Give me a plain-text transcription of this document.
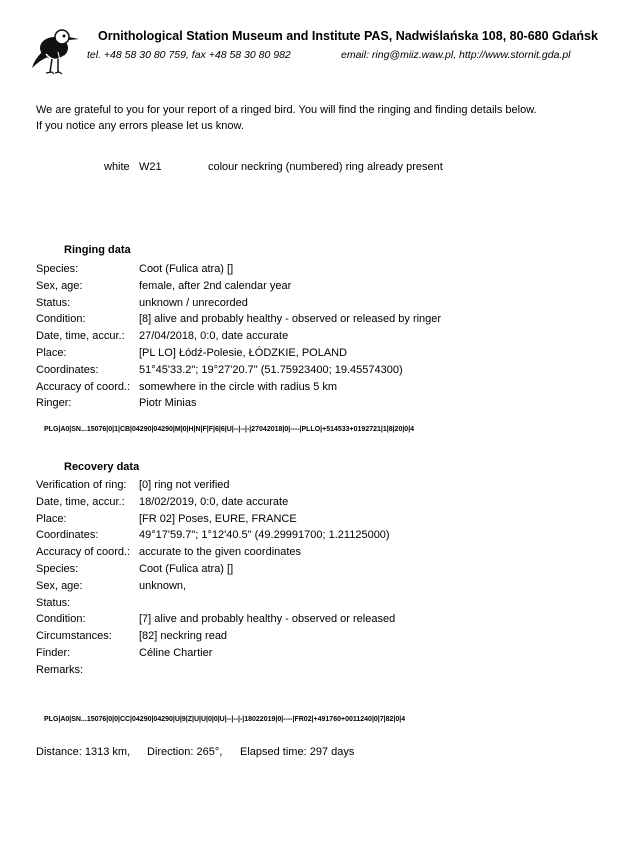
Ornithological Station Museum and Institute PAS, Nadwiślańska 108, 80-680 Gdańsk
tel. +48 58 30 80 759, fax +48 58 30 80 982	email: ring@miiz.waw.pl, http://www.stornit.gda.pl
We are grateful to you for your report of a ringed bird. You will find the ringing and finding details below.
If you notice any errors please let us know.
white W21	colour neckring (numbered) ring already present
Ringing data
Species:	Coot (Fulica atra) []
Sex, age:	female, after 2nd calendar year
Status:	unknown / unrecorded
Condition:	[8] alive and probably healthy - observed or released by ringer
Date, time, accur.: 27/04/2018, 0:0, date accurate
Place:	[PL LO] Łódź-Polesie, ŁÓDZKIE, POLAND
Coordinates:	51°45'33.2"; 19°27'20.7" (51.75923400; 19.45574300)
Accuracy of coord.: somewhere in the circle with radius 5 km
Ringer:	Piotr Minias
PLG|A0|SN...15076|0|1|CB|04290|04290|M|0|H|N|F|F|6|6|U|--|--|-|27042018|0|----|PLLO|+514533+0192721|1|8|20|0|4
Recovery data
Verification of ring: [0] ring not verified
Date, time, accur.: 18/02/2019, 0:0, date accurate
Place:	[FR 02] Poses, EURE, FRANCE
Coordinates:	49°17'59.7"; 1°12'40.5" (49.29991700; 1.21125000)
Accuracy of coord.: accurate to the given coordinates
Species:	Coot (Fulica atra) []
Sex, age:	unknown,
Status:
Condition:	[7] alive and probably healthy - observed or released
Circumstances: [82] neckring read
Finder:	Céline Chartier
Remarks:
PLG|A0|SN...15076|0|0|CC|04290|04290|U|9|Z|U|U|0|0|U|--|--|-|18022019|0|----|FR02|+491760+0011240|0|7|82|0|4
Distance: 1313 km, Direction: 265°, Elapsed time: 297 days
